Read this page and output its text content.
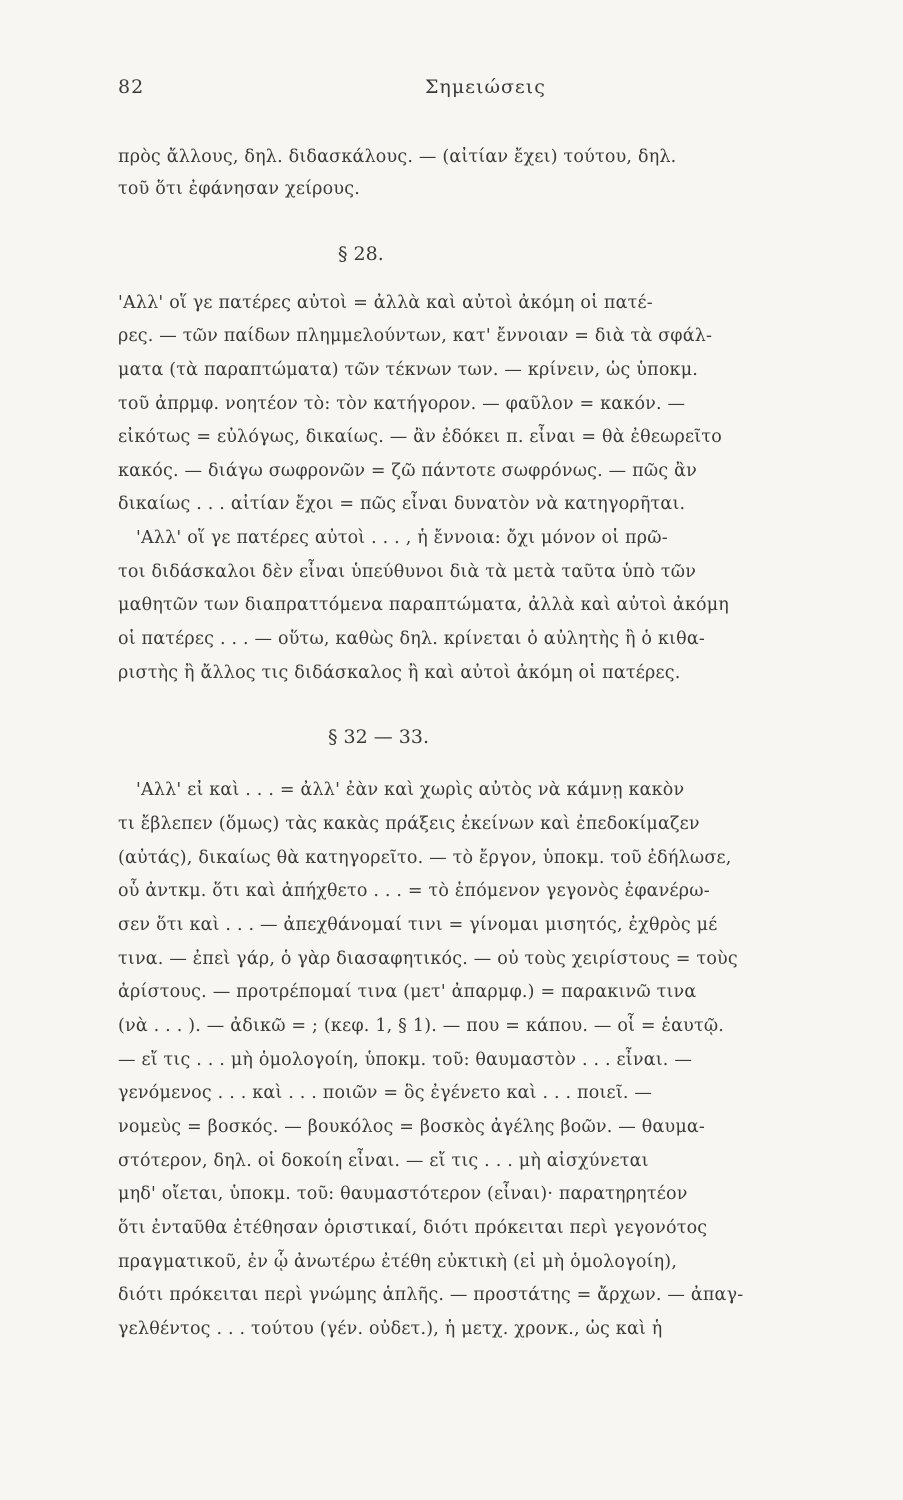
82	Σημειώσεις
πρὸς ἄλλους, δηλ. διδασκάλους. — (αἰτίαν ἔχει) τούτου, δηλ.
τοῦ ὅτι ἐφάνησαν χείρους.
§ 28.
'Αλλ' οἵ γε πατέρες αὐτοὶ = ἀλλὰ καὶ αὐτοὶ ἀκόμη οἱ πατέ-
ρες. — τῶν παίδων πλημμελούντων, κατ' ἔννοιαν = διὰ τὰ σφάλ-
ματα (τὰ παραπτώματα) τῶν τέκνων των. — κρίνειν, ὡς ὑποκμ.
τοῦ ἀπρμφ. νοητέον τὸ: τὸν κατήγορον. — φαῦλον = κακόν. —
εἰκότως = εὐλόγως, δικαίως. — ἂν ἐδόκει π. εἶναι = θὰ ἐθεωρεῖτο
κακός. — διάγω σωφρονῶν = ζῶ πάντοτε σωφρόνως. — πῶς ἂν
δικαίως . . . αἰτίαν ἔχοι = πῶς εἶναι δυνατὸν νὰ κατηγορῆται.
'Αλλ' οἵ γε πατέρες αὐτοὶ . . . , ἡ ἔννοια: ὄχι μόνον οἱ πρῶ-
τοι διδάσκαλοι δὲν εἶναι ὑπεύθυνοι διὰ τὰ μετὰ ταῦτα ὑπὸ τῶν
μαθητῶν των διαπραττόμενα παραπτώματα, ἀλλὰ καὶ αὐτοὶ ἀκόμη
οἱ πατέρες . . . — οὕτω, καθὼς δηλ. κρίνεται ὁ αὐλητὴς ἢ ὁ κιθα-
ριστὴς ἢ ἄλλος τις διδάσκαλος ἢ καὶ αὐτοὶ ἀκόμη οἱ πατέρες.
§ 32 — 33.
'Αλλ' εἰ καὶ . . . = ἀλλ' ἐὰν καὶ χωρὶς αὐτὸς νὰ κάμνῃ κακὸν
τι ἔβλεπεν (ὅμως) τὰς κακὰς πράξεις ἐκείνων καὶ ἐπεδοκίμαζεν
(αὐτάς), δικαίως θὰ κατηγορεῖτο. — τὸ ἔργον, ὑποκμ. τοῦ ἐδήλωσε,
οὗ ἀντκμ. ὅτι καὶ ἀπήχθετο . . . = τὸ ἑπόμενον γεγονὸς ἐφανέρω-
σεν ὅτι καὶ . . . — ἀπεχθάνομαί τινι = γίνομαι μισητός, ἐχθρὸς μέ
τινα. — ἐπεὶ γάρ, ὁ γὰρ διασαφητικός. — οὐ τοὺς χειρίστους = τοὺς
ἀρίστους. — προτρέπομαί τινα (μετ' ἀπαρμφ.) = παρακινῶ τινα
(νὰ . . . ). — ἀδικῶ = ; (κεφ. 1, § 1). — που = κάπου. — οἷ = ἑαυτῷ.
— εἴ τις . . . μὴ ὁμολογοίη, ὑποκμ. τοῦ: θαυμαστὸν . . . εἶναι. —
γενόμενος . . . καὶ . . . ποιῶν = ὃς ἐγένετο καὶ . . . ποιεῖ. —
νομεὺς = βοσκός. — βουκόλος = βοσκὸς ἀγέλης βοῶν. — θαυμα-
στότερον, δηλ. οἱ δοκοίη εἶναι. — εἴ τις . . . μὴ αἰσχύνεται
μηδ' οἴεται, ὑποκμ. τοῦ: θαυμαστότερον (εἶναι)· παρατηρητέον
ὅτι ἐνταῦθα ἐτέθησαν ὁριστικαί, διότι πρόκειται περὶ γεγονότος
πραγματικοῦ, ἐν ᾧ ἀνωτέρω ἐτέθη εὐκτικὴ (εἰ μὴ ὁμολογοίη),
διότι πρόκειται περὶ γνώμης ἁπλῆς. — προστάτης = ἄρχων. — ἀπαγ-
γελθέντος . . . τούτου (γέν. οὐδετ.), ἡ μετχ. χρονκ., ὡς καὶ ἡ
